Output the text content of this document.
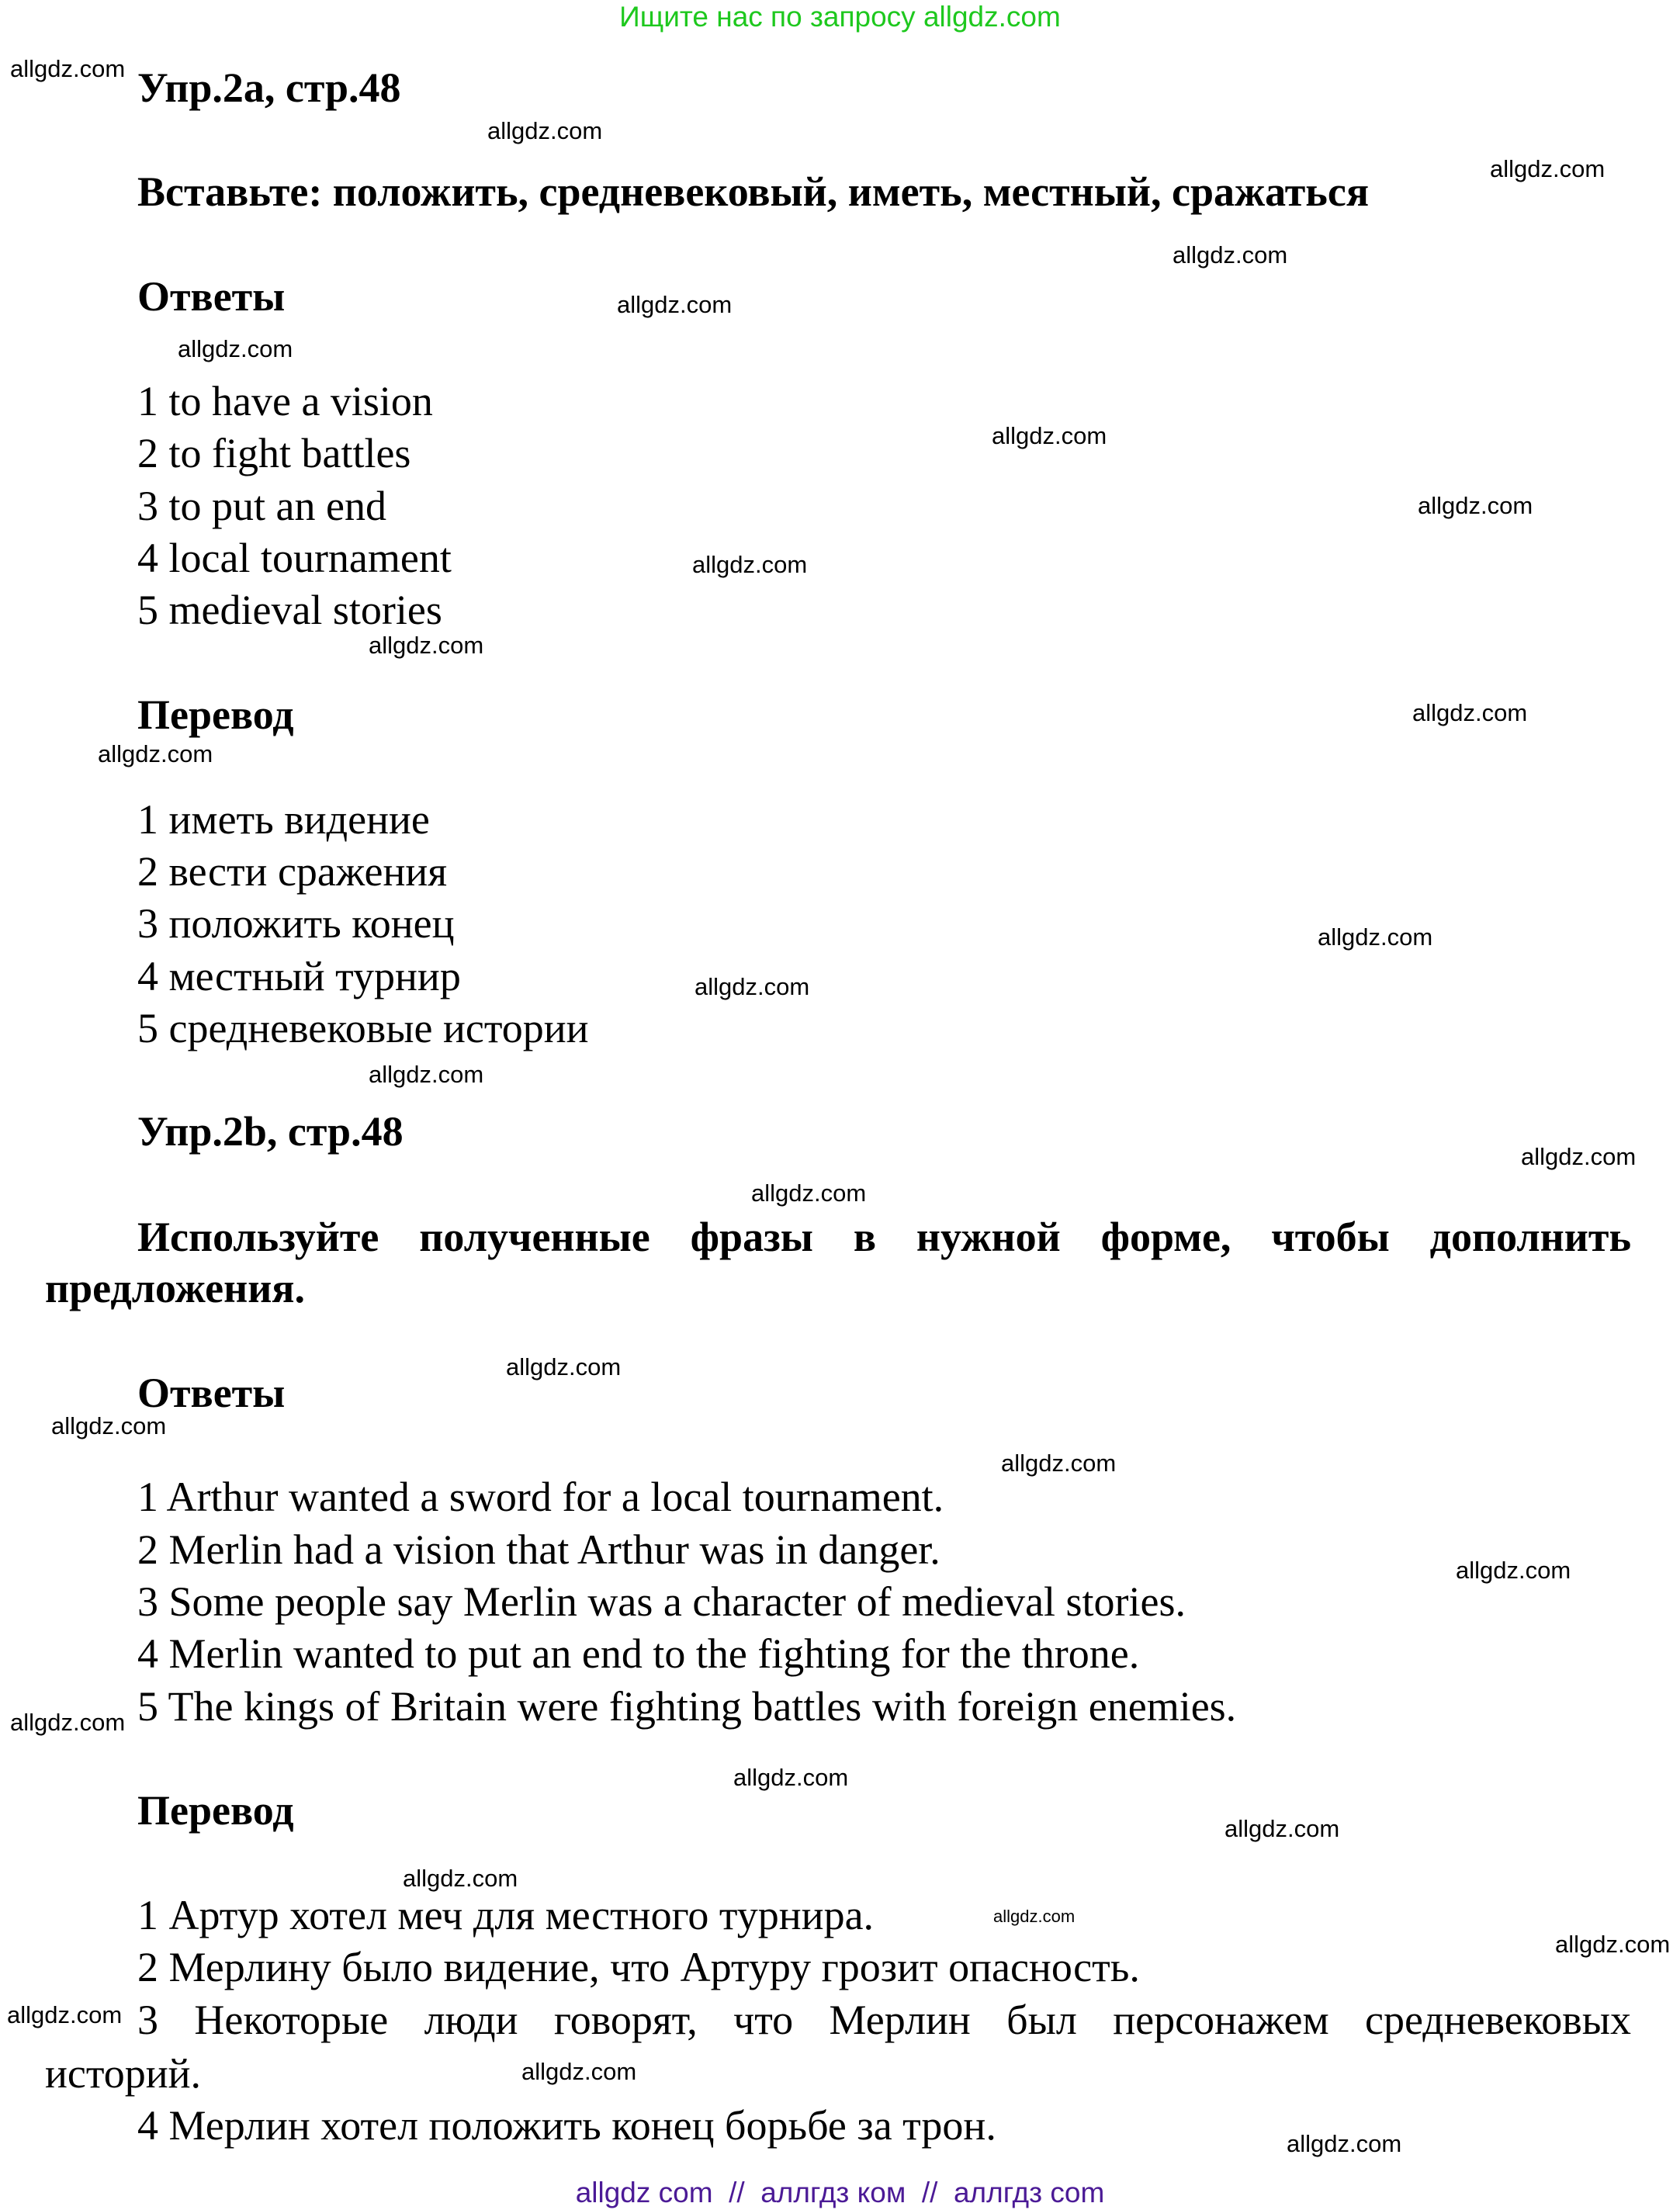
Ищите нас по запросу allgdz.com
Упр.2а, стр.48
Вставьте: положить, средневековый, иметь, местный, сражаться
Ответы
1 to have a vision
2 to fight battles
3 to put an end
4 local tournament
5 medieval stories
Перевод
1 иметь видение
2 вести сражения
3 положить конец
4 местный турнир
5 средневековые истории
Упр.2b, стр.48
Используйте полученные фразы в нужной форме, чтобы дополнить
предложения.
Ответы
1 Arthur wanted a sword for a local tournament.
2 Merlin had a vision that Arthur was in danger.
3 Some people say Merlin was a character of medieval stories.
4 Merlin wanted to put an end to the fighting for the throne.
5 The kings of Britain were fighting battles with foreign enemies.
Перевод
1 Артур хотел меч для местного турнира.
2 Мерлину было видение, что Артуру грозит опасность.
3 Некоторые люди говорят, что Мерлин был персонажем средневековых
историй.
4 Мерлин хотел положить конец борьбе за трон.
allgdz.com
allgdz.com
allgdz.com
allgdz.com
allgdz.com
allgdz.com
allgdz.com
allgdz.com
allgdz.com
allgdz.com
allgdz.com
allgdz.com
allgdz.com
allgdz.com
allgdz.com
allgdz.com
allgdz.com
allgdz.com
allgdz.com
allgdz.com
allgdz.com
allgdz.com
allgdz.com
allgdz.com
allgdz.com
allgdz.com
allgdz.com
allgdz.com
allgdz.com
allgdz.com
allgdz com  //  аллгдз ком  //  аллгдз com
